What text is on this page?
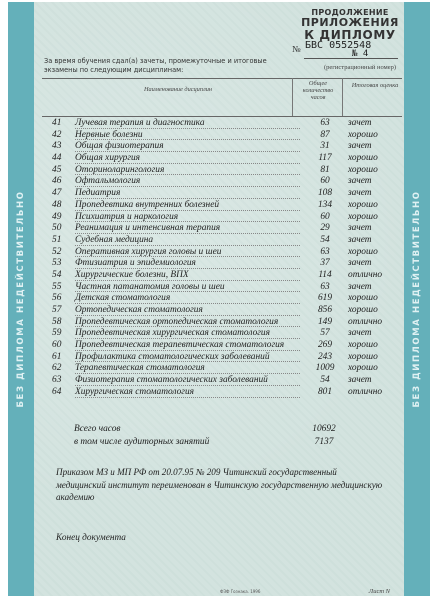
БЕЗ ДИПЛОМА НЕДЕЙСТВИТЕЛЬНО	БЕЗ ДИПЛОМА НЕДЕЙСТВИТЕЛЬНО
ПРОДОЛЖЕНИЕ
ПРИЛОЖЕНИЯ
К ДИПЛОМУ
№ БВС 0552548
№ 4
(регистрационный номер)
За время обучения сдал(а) зачеты, промежуточные и итоговые экзамены по следующим дисциплинам:
Наименование дисциплин
Общее количество часов
Итоговая оценка
41 Лучевая терапия и диагностика	63	зачет
42 Нервные болезни	87	хорошо
43 Общая физиотерапия	31	зачет
44 Общая хирургия	117	хорошо
45 Оториноларингология	81	хорошо
46 Офтальмология	60	зачет
47 Педиатрия	108	зачет
48 Пропедевтика внутренних болезней	134	хорошо
49 Психиатрия и наркология	60	хорошо
50 Реанимация и интенсивная терапия	29	зачет
51 Судебная медицина	54	зачет
52 Оперативная хирургия головы и шеи	63	хорошо
53 Фтизиатрия и эпидемиология	37	зачет
54 Хирургические болезни, ВПХ	114	отлично
55 Частная патанатомия головы и шеи	63	зачет
56 Детская стоматология	619	хорошо
57 Ортопедическая стоматология	856	хорошо
58 Пропедевтическая ортопедическая стоматология	149	отлично
59 Пропедевтическая хирургическая стоматология	57	зачет
60 Пропедевтическая терапевтическая стоматология	269	хорошо
61 Профилактика стоматологических заболеваний	243	хорошо
62 Терапевтическая стоматология	1009	хорошо
63 Физиотерапия стоматологических заболеваний	54	зачет
64 Хирургическая стоматология	801	отлично
Всего часов	10692
в том числе аудиторных занятий	7137
Приказом МЗ и МП РФ от 20.07.95 № 209 Читинский государственный медицинский институт переименован в Читинскую государственную медицинскую академию
Конец документа
ФЗФ Гознака. 1996	Лист N
